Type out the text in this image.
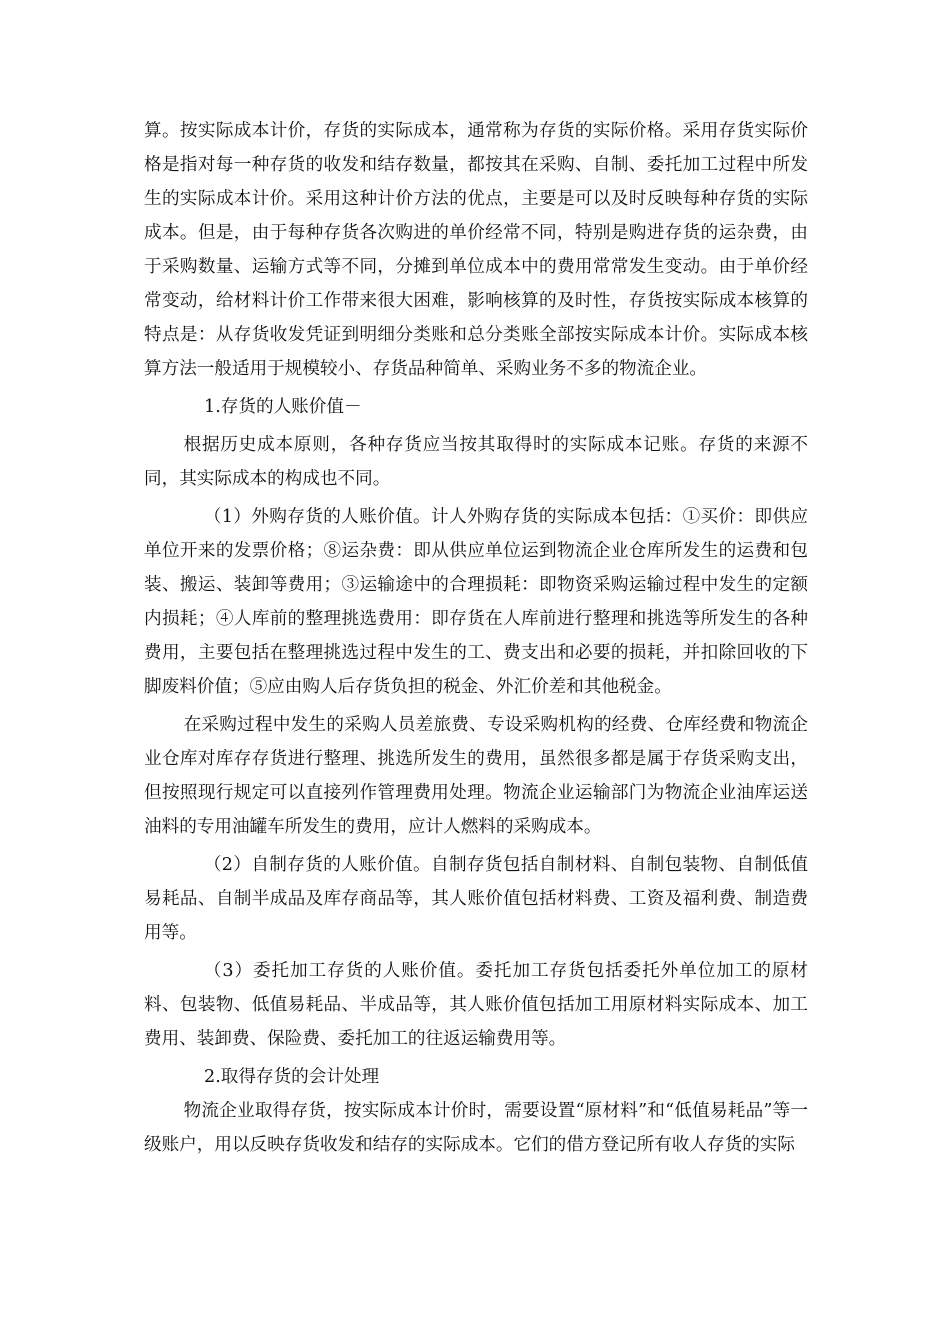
算。按实际成本计价，存货的实际成本，通常称为存货的实际价格。采用存货实际价格是指对每一种存货的收发和结存数量，都按其在采购、自制、委托加工过程中所发生的实际成本计价。采用这种计价方法的优点，主要是可以及时反映每种存货的实际成本。但是，由于每种存货各次购进的单价经常不同，特别是购进存货的运杂费，由于采购数量、运输方式等不同，分摊到单位成本中的费用常常发生变动。由于单价经常变动，给材料计价工作带来很大困难，影响核算的及时性，存货按实际成本核算的特点是：从存货收发凭证到明细分类账和总分类账全部按实际成本计价。实际成本核算方法一般适用于规模较小、存货品种简单、采购业务不多的物流企业。

1.存货的人账价值－

根据历史成本原则，各种存货应当按其取得时的实际成本记账。存货的来源不同，其实际成本的构成也不同。

（1）外购存货的人账价值。计人外购存货的实际成本包括：①买价：即供应单位开来的发票价格；⑧运杂费：即从供应单位运到物流企业仓库所发生的运费和包装、搬运、装卸等费用；③运输途中的合理损耗：即物资采购运输过程中发生的定额内损耗；④人库前的整理挑选费用：即存货在人库前进行整理和挑选等所发生的各种费用，主要包括在整理挑选过程中发生的工、费支出和必要的损耗，并扣除回收的下脚废料价值；⑤应由购人后存货负担的税金、外汇价差和其他税金。

在采购过程中发生的采购人员差旅费、专设采购机构的经费、仓库经费和物流企业仓库对库存存货进行整理、挑选所发生的费用，虽然很多都是属于存货采购支出，但按照现行规定可以直接列作管理费用处理。物流企业运输部门为物流企业油库运送油料的专用油罐车所发生的费用，应计人燃料的采购成本。

（2）自制存货的人账价值。自制存货包括自制材料、自制包装物、自制低值易耗品、自制半成品及库存商品等，其人账价值包括材料费、工资及福利费、制造费用等。

（3）委托加工存货的人账价值。委托加工存货包括委托外单位加工的原材料、包装物、低值易耗品、半成品等，其人账价值包括加工用原材料实际成本、加工费用、装卸费、保险费、委托加工的往返运输费用等。

2.取得存货的会计处理

物流企业取得存货，按实际成本计价时，需要设置“原材料”和“低值易耗品”等一级账户，用以反映存货收发和结存的实际成本。它们的借方登记所有收人存货的实际
